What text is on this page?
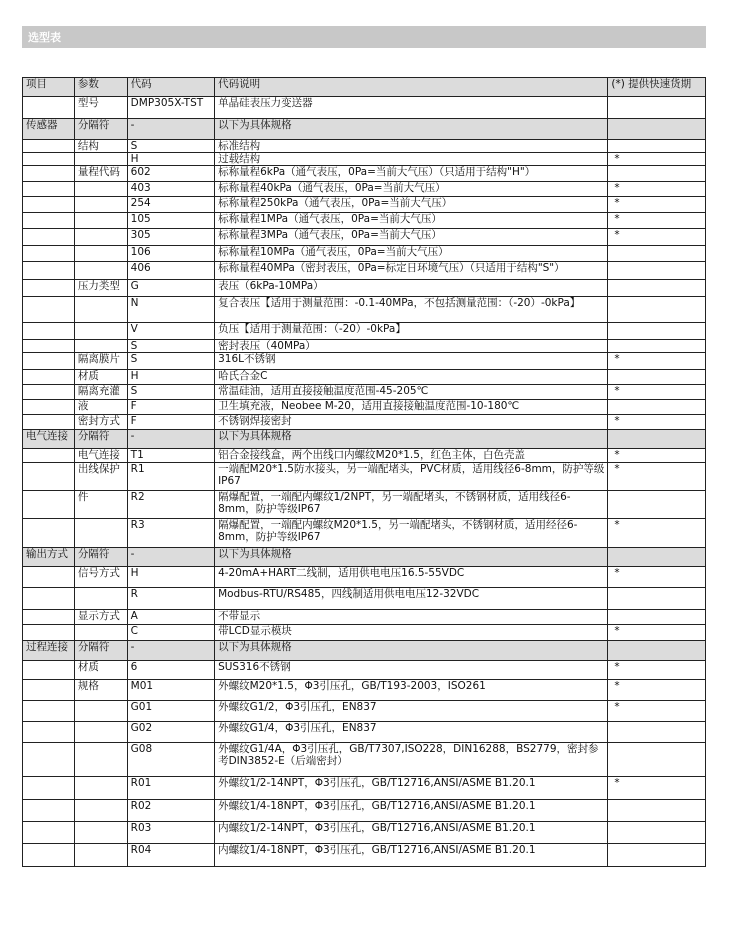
选型表
项目	参数	代码	代码说明	(*) 提供快速货期
	型号	DMP305X-TST	单晶硅表压力变送器	
传感器	分隔符	-	以下为具体规格	
	结构	S	标准结构	
		H	过载结构	*
	量程代码	602	标称量程6kPa（通气表压，0Pa=当前大气压）（只适用于结构"H"）	
		403	标称量程40kPa（通气表压，0Pa=当前大气压）	*
		254	标称量程250kPa（通气表压，0Pa=当前大气压）	*
		105	标称量程1MPa（通气表压，0Pa=当前大气压）	*
		305	标称量程3MPa（通气表压，0Pa=当前大气压）	*
		106	标称量程10MPa（通气表压，0Pa=当前大气压）	
		406	标称量程40MPa（密封表压，0Pa=标定日环境气压）（只适用于结构"S"）	
	压力类型	G	表压（6kPa-10MPa）	
		N	复合表压【适用于测量范围：-0.1-40MPa，不包括测量范围：（-20）-0kPa】	
		V	负压【适用于测量范围：（-20）-0kPa】	
		S	密封表压（40MPa）	
	隔离膜片	S	316L不锈钢	*
	材质	H	哈氏合金C	
	隔离充灌	S	常温硅油，适用直接接触温度范围-45-205℃	*
	液	F	卫生填充液，Neobee M-20，适用直接接触温度范围-10-180℃	
	密封方式	F	不锈钢焊接密封	*
电气连接	分隔符	-	以下为具体规格	
	电气连接	T1	铝合金接线盒，两个出线口内螺纹M20*1.5，红色主体，白色壳盖	*
	出线保护	R1	一端配M20*1.5防水接头，另一端配堵头，PVC材质，适用线径6-8mm，防护等级IP67	*
	件	R2	隔爆配置，一端配内螺纹1/2NPT，另一端配堵头，不锈钢材质，适用线径6-8mm，防护等级IP67	
		R3	隔爆配置，一端配内螺纹M20*1.5，另一端配堵头，不锈钢材质，适用经径6-8mm，防护等级IP67	*
输出方式	分隔符	-	以下为具体规格	
	信号方式	H	4-20mA+HART二线制，适用供电电压16.5-55VDC	*
		R	Modbus-RTU/RS485，四线制适用供电电压12-32VDC	
	显示方式	A	不带显示	
		C	带LCD显示模块	*
过程连接	分隔符	-	以下为具体规格	
	材质	6	SUS316不锈钢	*
	规格	M01	外螺纹M20*1.5，Φ3引压孔，GB/T193-2003，ISO261	*
		G01	外螺纹G1/2，Φ3引压孔，EN837	*
		G02	外螺纹G1/4，Φ3引压孔，EN837	
		G08	外螺纹G1/4A，Φ3引压孔，GB/T7307,ISO228，DIN16288，BS2779，密封参考DIN3852-E（后端密封）	
		R01	外螺纹1/2-14NPT，Φ3引压孔，GB/T12716,ANSI/ASME B1.20.1	*
		R02	外螺纹1/4-18NPT，Φ3引压孔，GB/T12716,ANSI/ASME B1.20.1	
		R03	内螺纹1/2-14NPT，Φ3引压孔，GB/T12716,ANSI/ASME B1.20.1	
		R04	内螺纹1/4-18NPT，Φ3引压孔，GB/T12716,ANSI/ASME B1.20.1	
